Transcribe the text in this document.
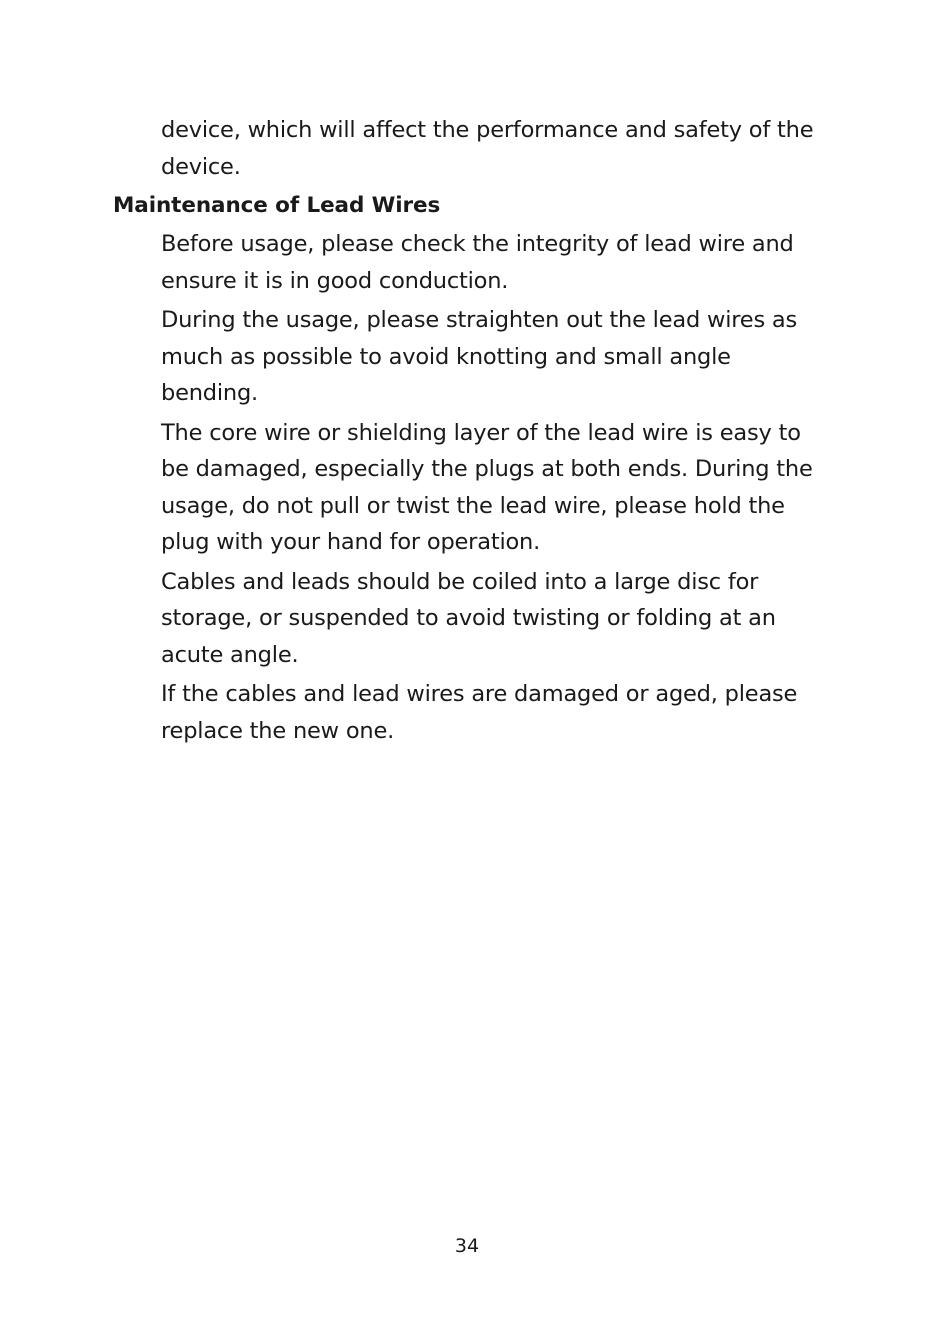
device, which will affect the performance and safety of the
device.

Maintenance of Lead Wires

Before usage, please check the integrity of lead wire and
ensure it is in good conduction.

During the usage, please straighten out the lead wires as
much as possible to avoid knotting and small angle
bending.

The core wire or shielding layer of the lead wire is easy to
be damaged, especially the plugs at both ends. During the
usage, do not pull or twist the lead wire, please hold the
plug with your hand for operation.

Cables and leads should be coiled into a large disc for
storage, or suspended to avoid twisting or folding at an
acute angle.

If the cables and lead wires are damaged or aged, please
replace the new one.

34
